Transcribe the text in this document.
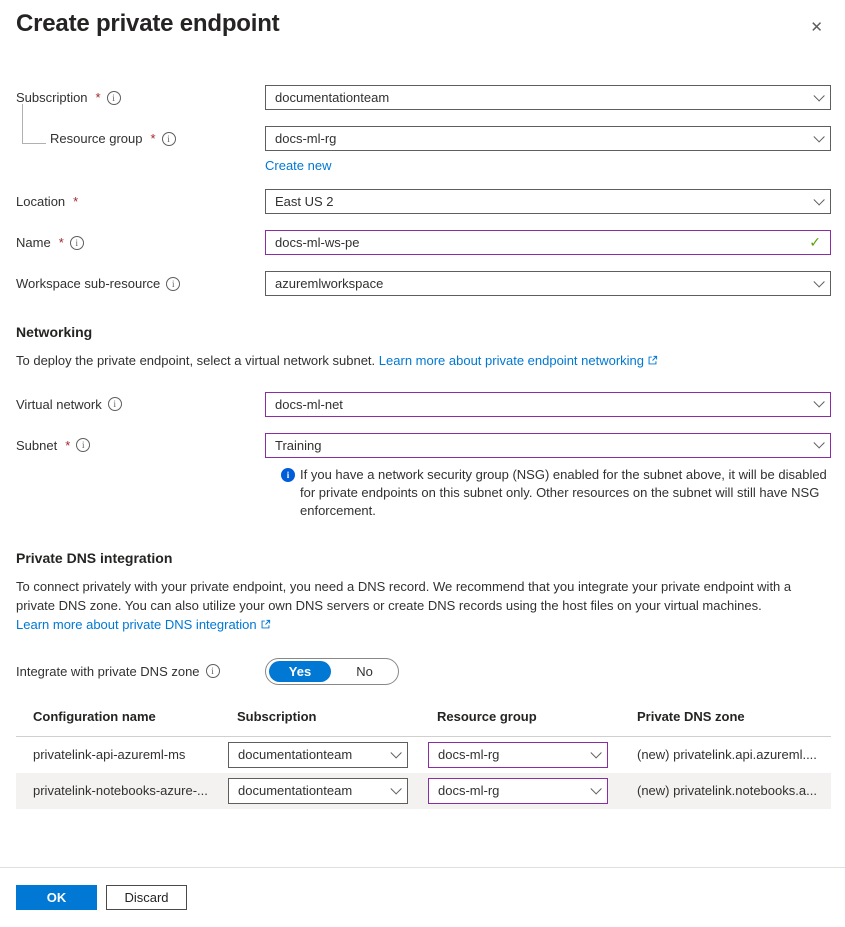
Create private endpoint	✕
Subscription *	i	documentationteam
Resource group *	i	docs-ml-rg
Create new
Location *	East US 2
Name *	i	docs-ml-ws-pe	✓
Workspace sub-resource	i	azuremlworkspace
Networking
To deploy the private endpoint, select a virtual network subnet. Learn more about private endpoint networking
Virtual network	i	docs-ml-net
Subnet *	i	Training
i If you have a network security group (NSG) enabled for the subnet above, it will be disabled for private endpoints on this subnet only. Other resources on the subnet will still have NSG enforcement.
Private DNS integration
To connect privately with your private endpoint, you need a DNS record. We recommend that you integrate your private endpoint with a private DNS zone. You can also utilize your own DNS servers or create DNS records using the host files on your virtual machines.
Learn more about private DNS integration
Integrate with private DNS zone	i	Yes	No
Configuration name	Subscription	Resource group	Private DNS zone
privatelink-api-azureml-ms	documentationteam	docs-ml-rg	(new) privatelink.api.azureml....
privatelink-notebooks-azure-...	documentationteam	docs-ml-rg	(new) privatelink.notebooks.a...
OK	Discard
